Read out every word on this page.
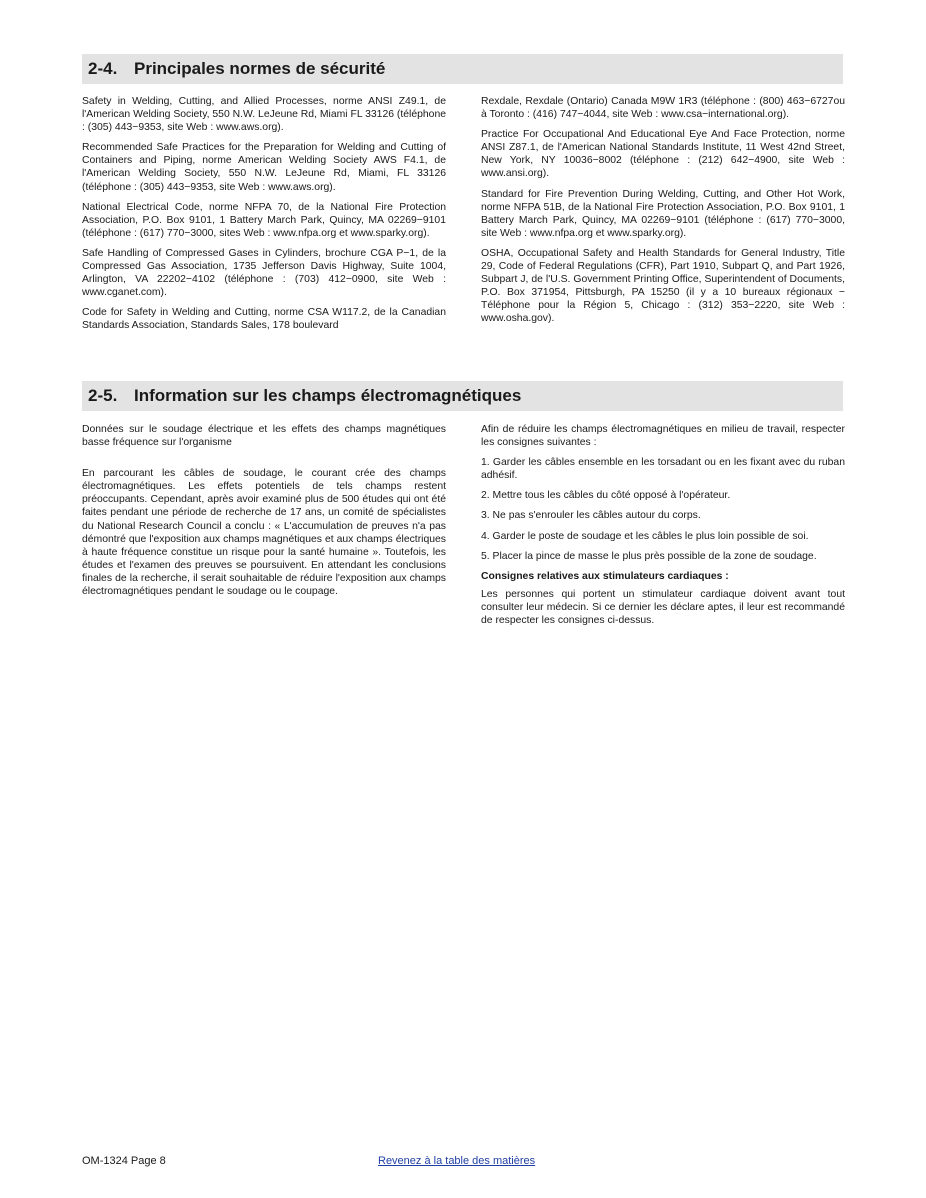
2-4. Principales normes de sécurité

Safety in Welding, Cutting, and Allied Processes, norme ANSI Z49.1, de l'American Welding Society, 550 N.W. LeJeune Rd, Miami FL 33126 (téléphone : (305) 443−9353, site Web : www.aws.org).

Recommended Safe Practices for the Preparation for Welding and Cutting of Containers and Piping, norme American Welding Society AWS F4.1, de l'American Welding Society, 550 N.W. LeJeune Rd, Miami, FL 33126 (téléphone : (305) 443−9353, site Web : www.aws.org).

National Electrical Code, norme NFPA 70, de la National Fire Protection Association, P.O. Box 9101, 1 Battery March Park, Quincy, MA 02269−9101 (téléphone : (617) 770−3000, sites Web : www.nfpa.org et www.sparky.org).

Safe Handling of Compressed Gases in Cylinders, brochure CGA P−1, de la Compressed Gas Association, 1735 Jefferson Davis Highway, Suite 1004, Arlington, VA 22202−4102 (téléphone : (703) 412−0900, site Web : www.cganet.com).

Code for Safety in Welding and Cutting, norme CSA W117.2, de la Canadian Standards Association, Standards Sales, 178 boulevard

Rexdale, Rexdale (Ontario) Canada M9W 1R3 (téléphone : (800) 463−6727ou à Toronto : (416) 747−4044, site Web : www.csa−international.org).

Practice For Occupational And Educational Eye And Face Protection, norme ANSI Z87.1, de l'American National Standards Institute, 11 West 42nd Street, New York, NY 10036−8002 (téléphone : (212) 642−4900, site Web : www.ansi.org).

Standard for Fire Prevention During Welding, Cutting, and Other Hot Work, norme NFPA 51B, de la National Fire Protection Association, P.O. Box 9101, 1 Battery March Park, Quincy, MA 02269−9101 (téléphone : (617) 770−3000, site Web : www.nfpa.org et www.sparky.org).

OSHA, Occupational Safety and Health Standards for General Industry, Title 29, Code of Federal Regulations (CFR), Part 1910, Subpart Q, and Part 1926, Subpart J, de l'U.S. Government Printing Office, Superintendent of Documents, P.O. Box 371954, Pittsburgh, PA 15250 (il y a 10 bureaux régionaux − Téléphone pour la Région 5, Chicago : (312) 353−2220, site Web : www.osha.gov).

2-5. Information sur les champs électromagnétiques

Données sur le soudage électrique et les effets des champs magnétiques basse fréquence sur l'organisme

En parcourant les câbles de soudage, le courant crée des champs électromagnétiques. Les effets potentiels de tels champs restent préoccupants. Cependant, après avoir examiné plus de 500 études qui ont été faites pendant une période de recherche de 17 ans, un comité de spécialistes du National Research Council a conclu : « L'accumulation de preuves n'a pas démontré que l'exposition aux champs magnétiques et aux champs électriques à haute fréquence constitue un risque pour la santé humaine ». Toutefois, les études et l'examen des preuves se poursuivent. En attendant les conclusions finales de la recherche, il serait souhaitable de réduire l'exposition aux champs électromagnétiques pendant le soudage ou le coupage.

Afin de réduire les champs électromagnétiques en milieu de travail, respecter les consignes suivantes :

1. Garder les câbles ensemble en les torsadant ou en les fixant avec du ruban adhésif.

2. Mettre tous les câbles du côté opposé à l'opérateur.

3. Ne pas s'enrouler les câbles autour du corps.

4. Garder le poste de soudage et les câbles le plus loin possible de soi.

5. Placer la pince de masse le plus près possible de la zone de soudage.

Consignes relatives aux stimulateurs cardiaques :

Les personnes qui portent un stimulateur cardiaque doivent avant tout consulter leur médecin. Si ce dernier les déclare aptes, il leur est recommandé de respecter les consignes ci-dessus.

OM-1324 Page 8	Revenez à la table des matières
